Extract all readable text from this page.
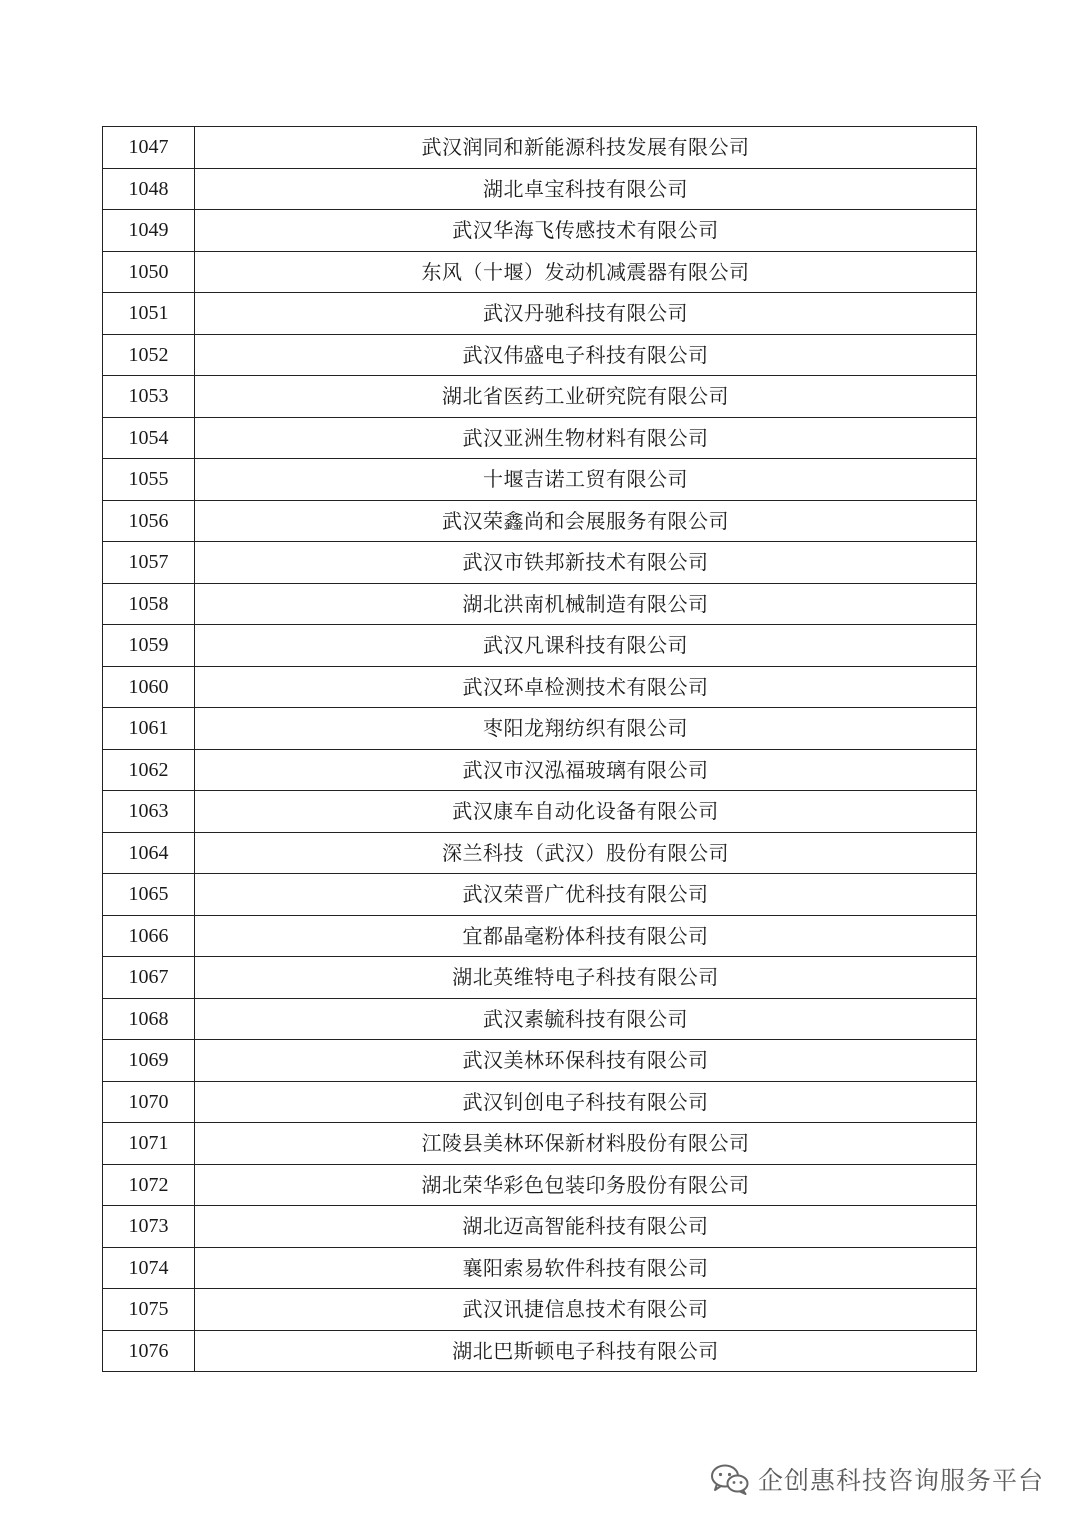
1047	武汉润同和新能源科技发展有限公司
1048	湖北卓宝科技有限公司
1049	武汉华海飞传感技术有限公司
1050	东风（十堰）发动机减震器有限公司
1051	武汉丹驰科技有限公司
1052	武汉伟盛电子科技有限公司
1053	湖北省医药工业研究院有限公司
1054	武汉亚洲生物材料有限公司
1055	十堰吉诺工贸有限公司
1056	武汉荣鑫尚和会展服务有限公司
1057	武汉市铁邦新技术有限公司
1058	湖北洪南机械制造有限公司
1059	武汉凡课科技有限公司
1060	武汉环卓检测技术有限公司
1061	枣阳龙翔纺织有限公司
1062	武汉市汉泓福玻璃有限公司
1063	武汉康车自动化设备有限公司
1064	深兰科技（武汉）股份有限公司
1065	武汉荣晋广优科技有限公司
1066	宜都晶毫粉体科技有限公司
1067	湖北英维特电子科技有限公司
1068	武汉素毓科技有限公司
1069	武汉美林环保科技有限公司
1070	武汉钊创电子科技有限公司
1071	江陵县美林环保新材料股份有限公司
1072	湖北荣华彩色包装印务股份有限公司
1073	湖北迈高智能科技有限公司
1074	襄阳索易软件科技有限公司
1075	武汉讯捷信息技术有限公司
1076	湖北巴斯顿电子科技有限公司
企创惠科技咨询服务平台
